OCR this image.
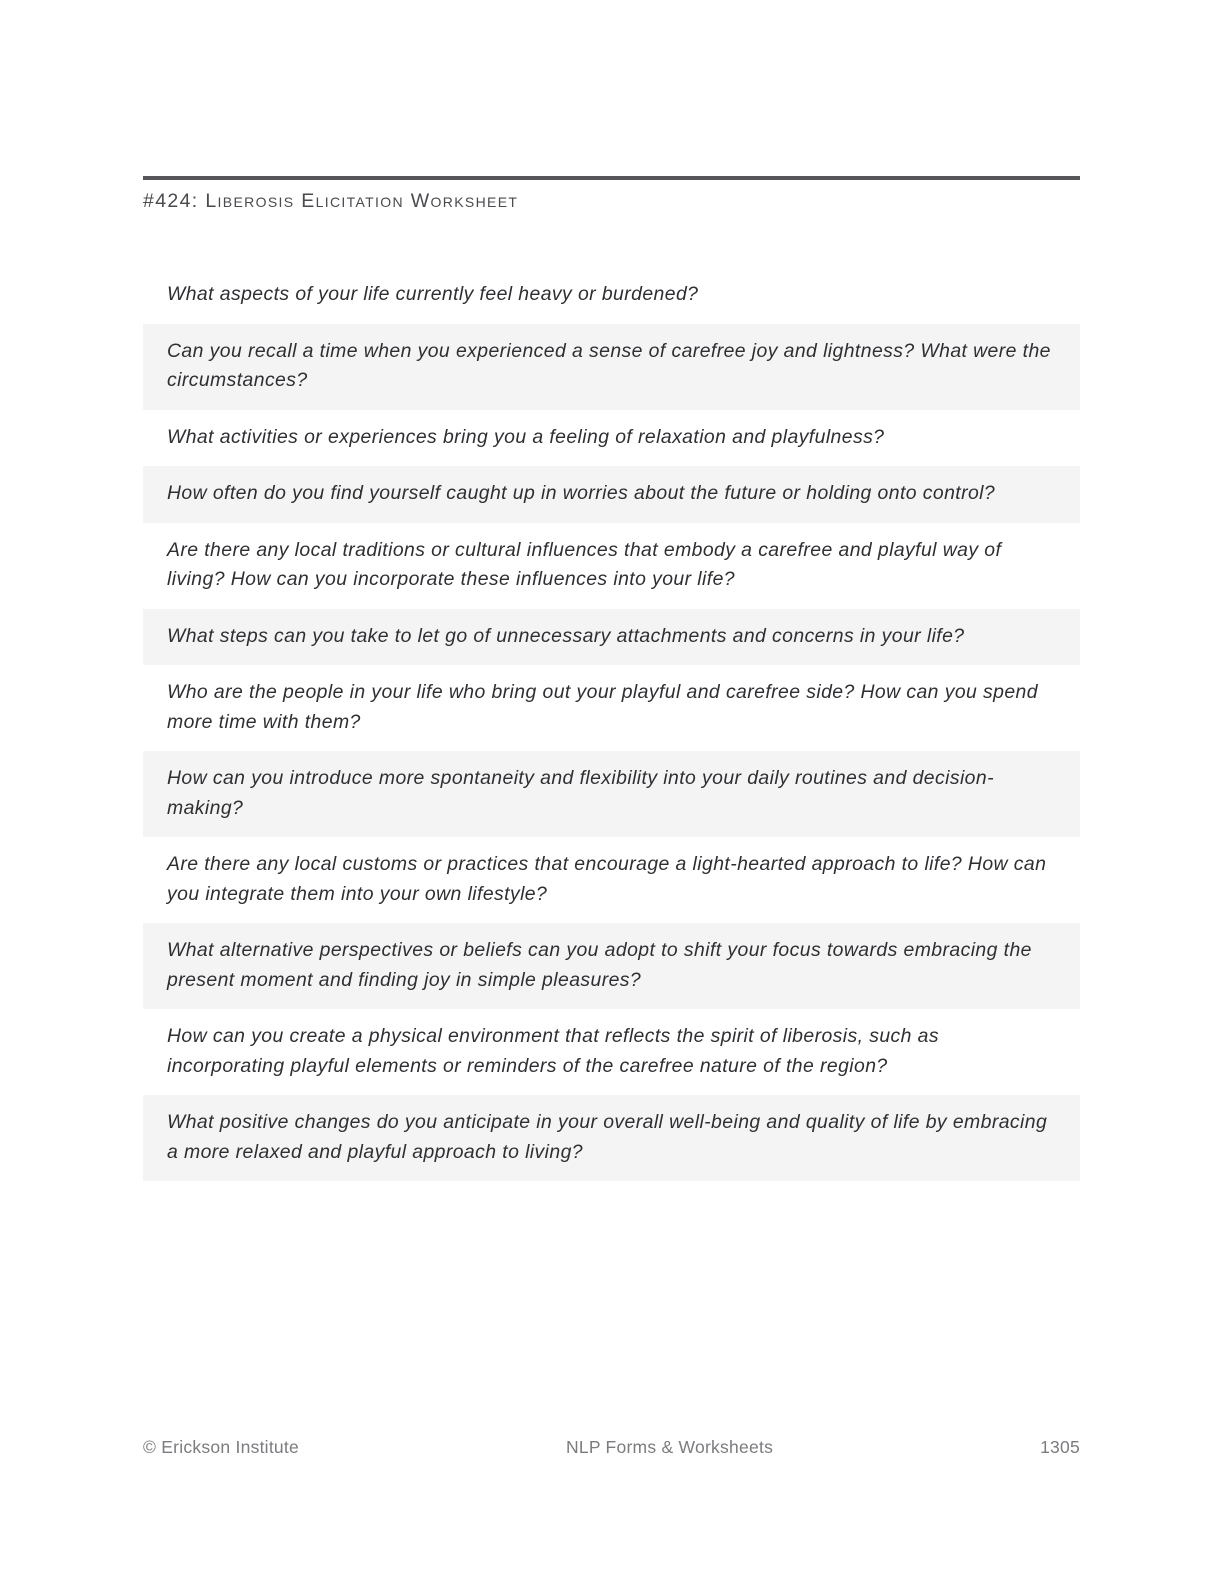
#424: Liberosis Elicitation Worksheet

What aspects of your life currently feel heavy or burdened?

Can you recall a time when you experienced a sense of carefree joy and lightness? What were the circumstances?

What activities or experiences bring you a feeling of relaxation and playfulness?

How often do you find yourself caught up in worries about the future or holding onto control?

Are there any local traditions or cultural influences that embody a carefree and playful way of living? How can you incorporate these influences into your life?

What steps can you take to let go of unnecessary attachments and concerns in your life?

Who are the people in your life who bring out your playful and carefree side? How can you spend more time with them?

How can you introduce more spontaneity and flexibility into your daily routines and decision-making?

Are there any local customs or practices that encourage a light-hearted approach to life? How can you integrate them into your own lifestyle?

What alternative perspectives or beliefs can you adopt to shift your focus towards embracing the present moment and finding joy in simple pleasures?

How can you create a physical environment that reflects the spirit of liberosis, such as incorporating playful elements or reminders of the carefree nature of the region?

What positive changes do you anticipate in your overall well-being and quality of life by embracing a more relaxed and playful approach to living?

© Erickson Institute	NLP Forms & Worksheets	1305
